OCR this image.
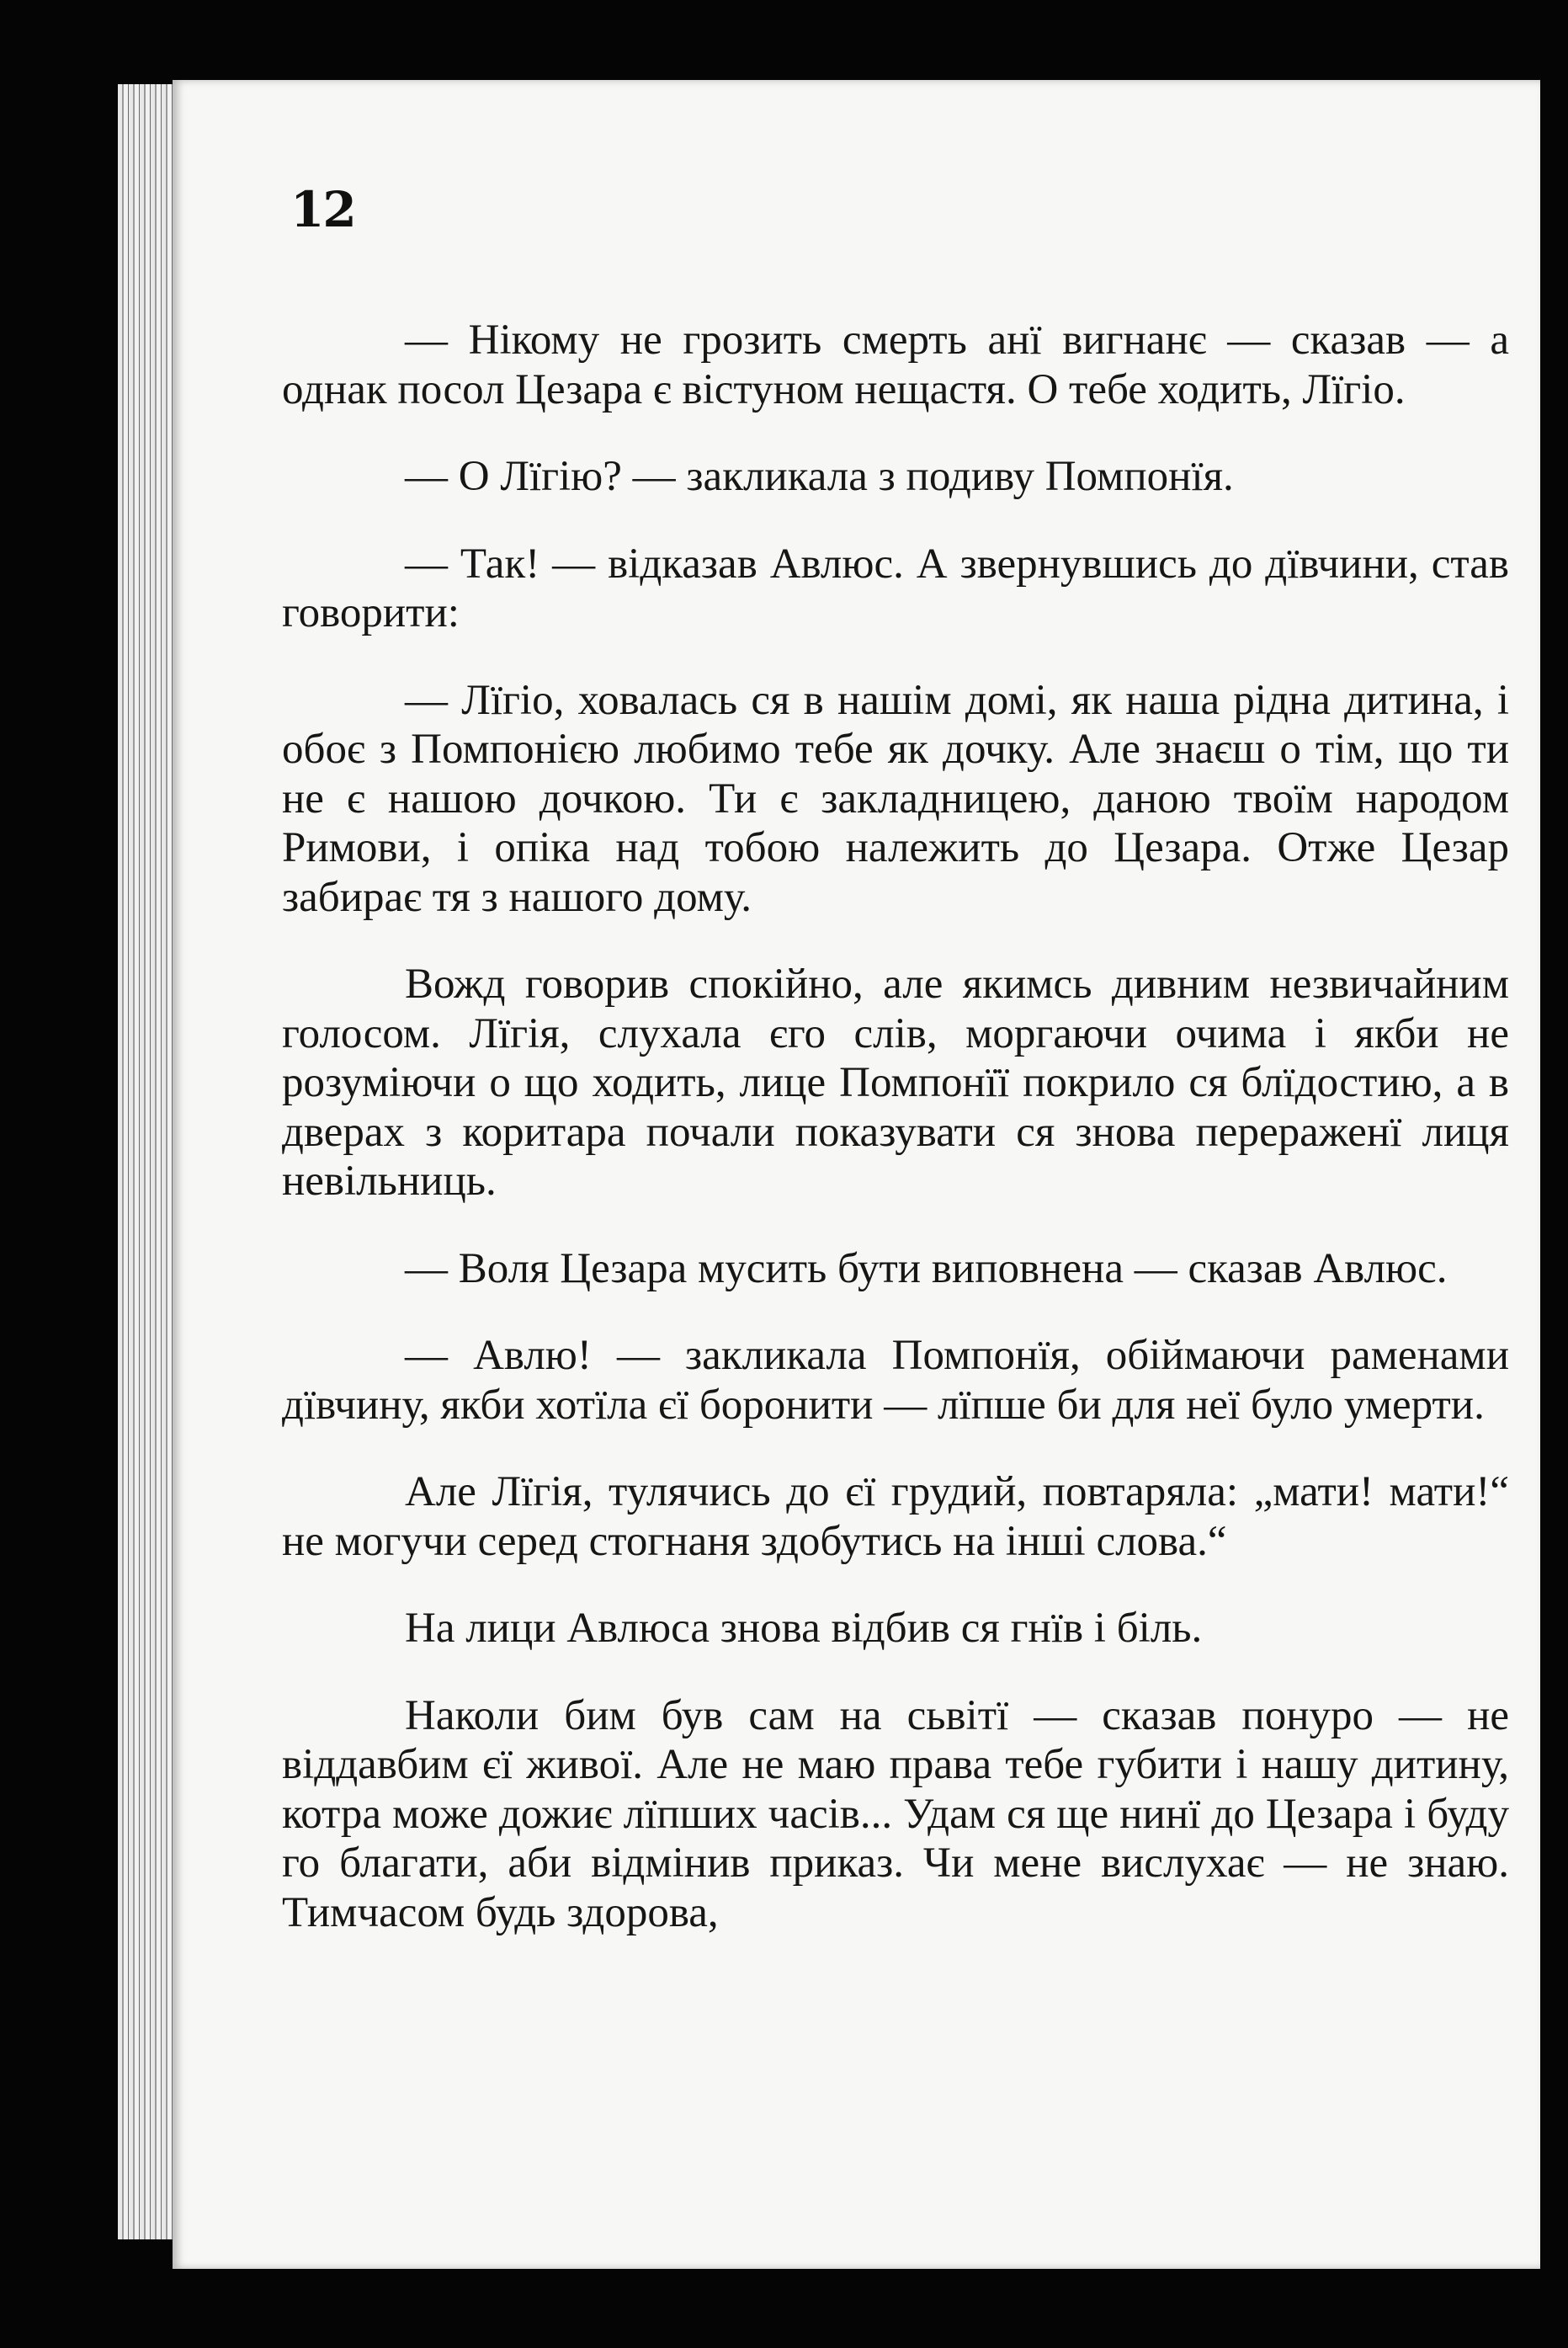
12

— Нікому не грозить смерть анї вигнанє — сказав — а однак посол Цезара є вістуном нещастя. О тебе ходить, Лїгіо.

— О Лїгію? — закликала з подиву Помпонїя.

— Так! — відказав Авлюс. А звернувшись до дївчини, став говорити:

— Лїгіо, ховалась ся в нашім домі, як наша рідна дитина, і обоє з Помпонією любимо тебе як дочку. Але знаєш о тім, що ти не є нашою дочкою. Ти є закладницею, даною твоїм народом Римови, і опіка над тобою належить до Цезара. Отже Цезар забирає тя з нашого дому.

Вожд говорив спокійно, але якимсь дивним незвичайним голосом. Лїгія, слухала єго слів, моргаючи очима і якби не розуміючи о що ходить, лице Помпонїї покрило ся блїдостию, а в дверах з коритара почали показувати ся знова перераженї лиця невільниць.

— Воля Цезара мусить бути виповнена — сказав Авлюс.

— Авлю! — закликала Помпонїя, обіймаючи раменами дївчину, якби хотїла єї боронити — лїпше би для неї було умерти.

Але Лїгія, тулячись до єї грудий, повтаряла: „мати! мати!“ не могучи серед стогнаня здобутись на інші слова.“

На лици Авлюса знова відбив ся гнїв і біль.

Наколи бим був сам на сьвітї — сказав понуро — не віддавбим єї живої. Але не маю права тебе губити і нашу дитину, котра може дожиє лїпших часів... Удам ся ще нинї до Цезара і буду го благати, аби відмінив приказ. Чи мене вислухає — не знаю. Тимчасом будь здорова,
